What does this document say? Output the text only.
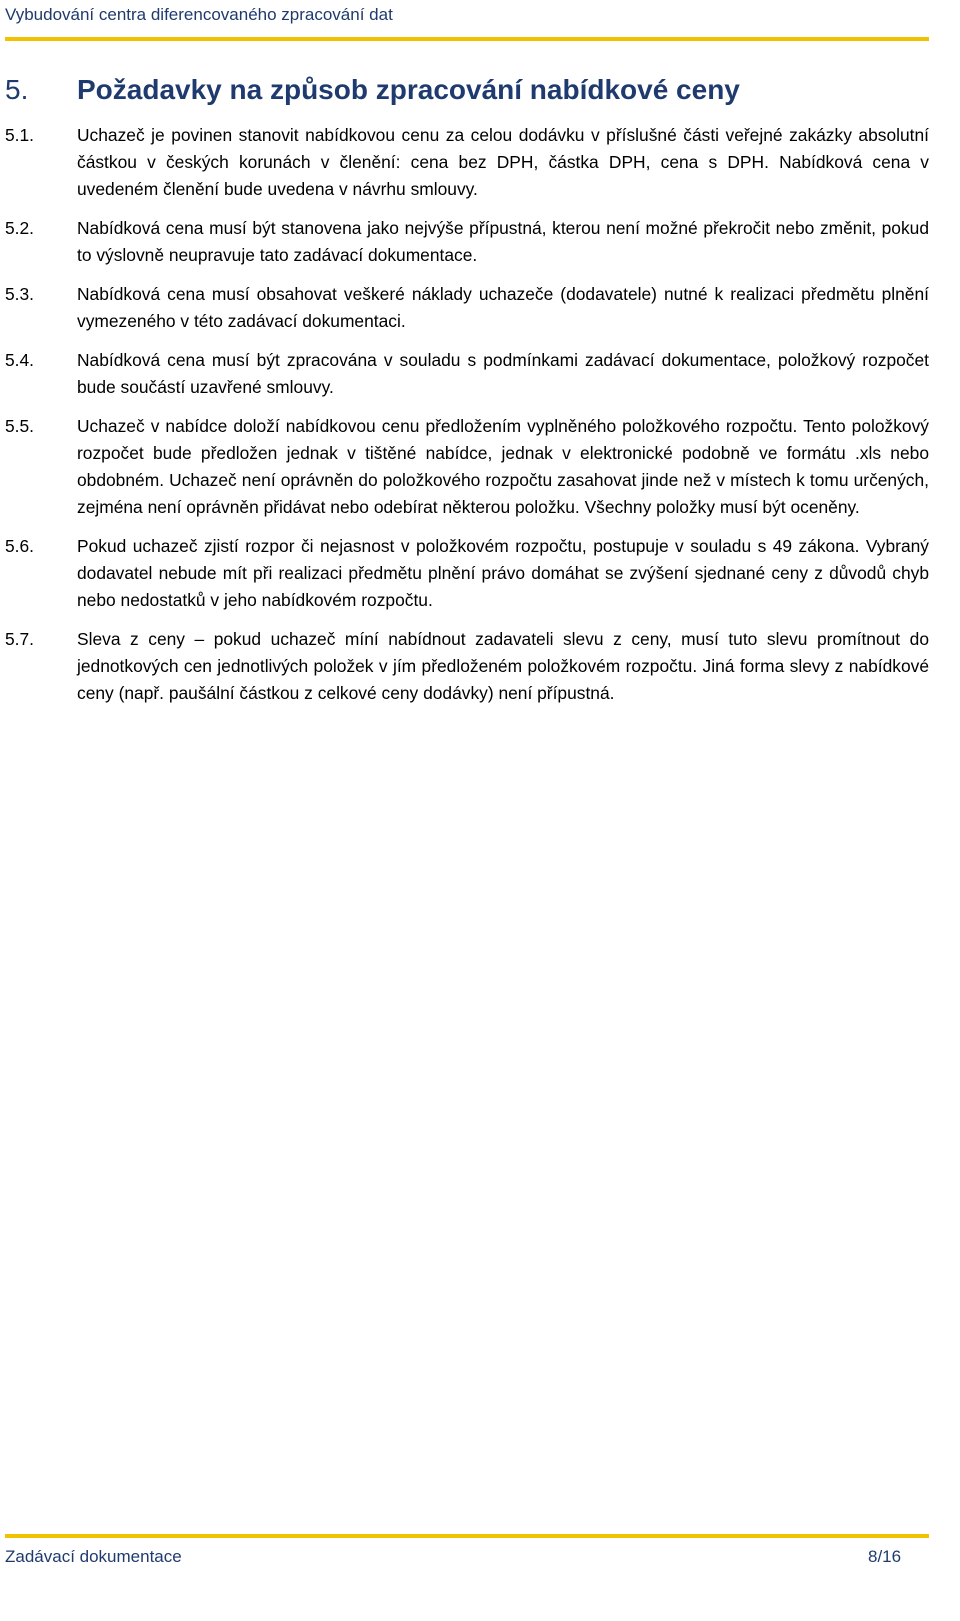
Vybudování centra diferencovaného zpracování dat
5. Požadavky na způsob zpracování nabídkové ceny
5.1.	Uchazeč je povinen stanovit nabídkovou cenu za celou dodávku v příslušné části veřejné zakázky absolutní částkou v českých korunách v členění: cena bez DPH, částka DPH, cena s DPH. Nabídková cena v uvedeném členění bude uvedena v návrhu smlouvy.
5.2.	Nabídková cena musí být stanovena jako nejvýše přípustná, kterou není možné překročit nebo změnit, pokud to výslovně neupravuje tato zadávací dokumentace.
5.3.	Nabídková cena musí obsahovat veškeré náklady uchazeče (dodavatele) nutné k realizaci předmětu plnění vymezeného v této zadávací dokumentaci.
5.4.	Nabídková cena musí být zpracována v souladu s podmínkami zadávací dokumentace, položkový rozpočet bude součástí uzavřené smlouvy.
5.5.	Uchazeč v nabídce doloží nabídkovou cenu předložením vyplněného položkového rozpočtu. Tento položkový rozpočet bude předložen jednak v tištěné nabídce, jednak v elektronické podobně ve formátu .xls nebo obdobném. Uchazeč není oprávněn do položkového rozpočtu zasahovat jinde než v místech k tomu určených, zejména není oprávněn přidávat nebo odebírat některou položku. Všechny položky musí být oceněny.
5.6.	Pokud uchazeč zjistí rozpor či nejasnost v položkovém rozpočtu, postupuje v souladu s 49 zákona. Vybraný dodavatel nebude mít při realizaci předmětu plnění právo domáhat se zvýšení sjednané ceny z důvodů chyb nebo nedostatků v jeho nabídkovém rozpočtu.
5.7.	Sleva z ceny – pokud uchazeč míní nabídnout zadavateli slevu z ceny, musí tuto slevu promítnout do jednotkových cen jednotlivých položek v jím předloženém položkovém rozpočtu. Jiná forma slevy z nabídkové ceny (např. paušální částkou z celkové ceny dodávky) není přípustná.
Zadávací dokumentace	8/16
